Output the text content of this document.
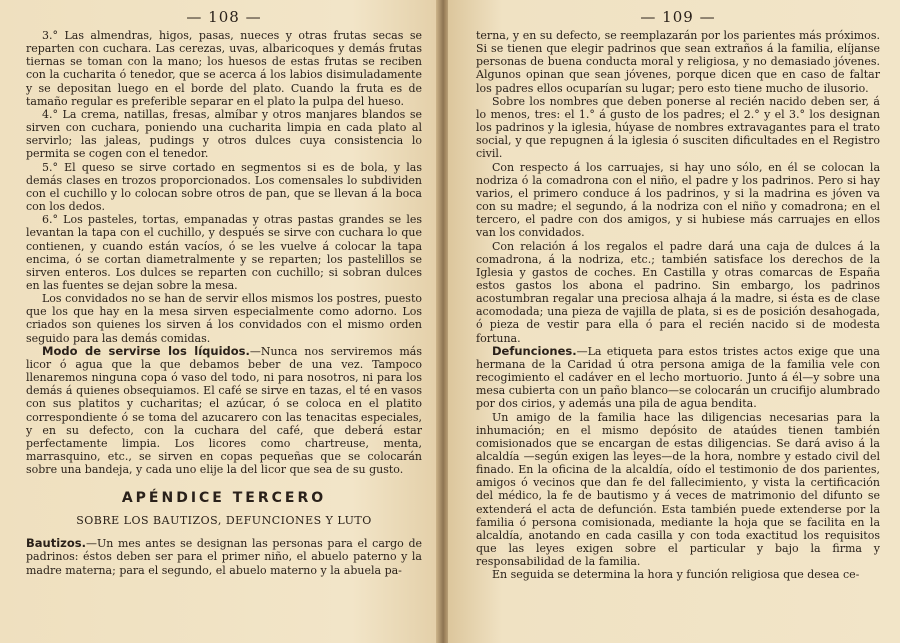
— 108 —

3.° Las almendras, higos, pasas, nueces y otras frutas secas se reparten con cuchara. Las cerezas, uvas, albaricoques y demás frutas tiernas se toman con la mano; los huesos de estas frutas se reciben con la cucharita ó tenedor, que se acerca á los labios disimuladamente y se depositan luego en el borde del plato. Cuando la fruta es de tamaño regular es preferible separar en el plato la pulpa del hueso.

4.° La crema, natillas, fresas, almíbar y otros manjares blandos se sirven con cuchara, poniendo una cucharita limpia en cada plato al servirlo; las jaleas, pudings y otros dulces cuya consistencia lo permita se cogen con el tenedor.

5.° El queso se sirve cortado en segmentos si es de bola, y las demás clases en trozos proporcionados. Los comensales lo subdividen con el cuchillo y lo colocan sobre otros de pan, que se llevan á la boca con los dedos.

6.° Los pasteles, tortas, empanadas y otras pastas grandes se les levantan la tapa con el cuchillo, y después se sirve con cuchara lo que contienen, y cuando están vacíos, ó se les vuelve á colocar la tapa encima, ó se cortan diametralmente y se reparten; los pastelillos se sirven enteros. Los dulces se reparten con cuchillo; si sobran dulces en las fuentes se dejan sobre la mesa.

Los convidados no se han de servir ellos mismos los postres, puesto que los que hay en la mesa sirven especialmente como adorno. Los criados son quienes los sirven á los convidados con el mismo orden seguido para las demás comidas.

Modo de servirse los líquidos.—Nunca nos serviremos más licor ó agua que la que debamos beber de una vez. Tampoco llenaremos ninguna copa ó vaso del todo, ni para nosotros, ni para los demás á quienes obsequiamos. El café se sirve en tazas, el té en vasos con sus platitos y cucharitas; el azúcar, ó se coloca en el platito correspondiente ó se toma del azucarero con las tenacitas especiales, y en su defecto, con la cuchara del café, que deberá estar perfectamente limpia. Los licores como chartreuse, menta, marrasquino, etc., se sirven en copas pequeñas que se colocarán sobre una bandeja, y cada uno elije la del licor que sea de su gusto.

APÉNDICE TERCERO
SOBRE LOS BAUTIZOS, DEFUNCIONES Y LUTO

Bautizos.—Un mes antes se designan las personas para el cargo de padrinos: éstos deben ser para el primer niño, el abuelo paterno y la madre materna; para el segundo, el abuelo materno y la abuela pa-

— 109 —

terna, y en su defecto, se reemplazarán por los parientes más próximos. Si se tienen que elegir padrinos que sean extraños á la familia, elíjanse personas de buena conducta moral y religiosa, y no demasiado jóvenes. Algunos opinan que sean jóvenes, porque dicen que en caso de faltar los padres ellos ocuparían su lugar; pero esto tiene mucho de ilusorio.

Sobre los nombres que deben ponerse al recién nacido deben ser, á lo menos, tres: el 1.° á gusto de los padres; el 2.° y el 3.° los designan los padrinos y la iglesia, húyase de nombres extravagantes para el trato social, y que repugnen á la iglesia ó susciten dificultades en el Registro civil.

Con respecto á los carruajes, si hay uno sólo, en él se colocan la nodriza ó la comadrona con el niño, el padre y los padrinos. Pero si hay varios, el primero conduce á los padrinos, y si la madrina es jóven va con su madre; el segundo, á la nodriza con el niño y comadrona; en el tercero, el padre con dos amigos, y si hubiese más carruajes en ellos van los convidados.

Con relación á los regalos el padre dará una caja de dulces á la comadrona, á la nodriza, etc.; también satisface los derechos de la Iglesia y gastos de coches. En Castilla y otras comarcas de España estos gastos los abona el padrino. Sin embargo, los padrinos acostumbran regalar una preciosa alhaja á la madre, si ésta es de clase acomodada; una pieza de vajilla de plata, si es de posición desahogada, ó pieza de vestir para ella ó para el recién nacido si de modesta fortuna.

Defunciones.—La etiqueta para estos tristes actos exige que una hermana de la Caridad ú otra persona amiga de la familia vele con recogimiento el cadáver en el lecho mortuorio. Junto á él—y sobre una mesa cubierta con un paño blanco—se colocarán un crucifijo alumbrado por dos cirios, y además una pila de agua bendita.

Un amigo de la familia hace las diligencias necesarias para la inhumación; en el mismo depósito de ataúdes tienen también comisionados que se encargan de estas diligencias. Se dará aviso á la alcaldía —según exigen las leyes—de la hora, nombre y estado civil del finado. En la oficina de la alcaldía, oído el testimonio de dos parientes, amigos ó vecinos que dan fe del fallecimiento, y vista la certificación del médico, la fe de bautismo y á veces de matrimonio del difunto se extenderá el acta de defunción. Esta también puede extenderse por la familia ó persona comisionada, mediante la hoja que se facilita en la alcaldía, anotando en cada casilla y con toda exactitud los requisitos que las leyes exigen sobre el particular y bajo la firma y responsabilidad de la familia.

En seguida se determina la hora y función religiosa que desea ce-
